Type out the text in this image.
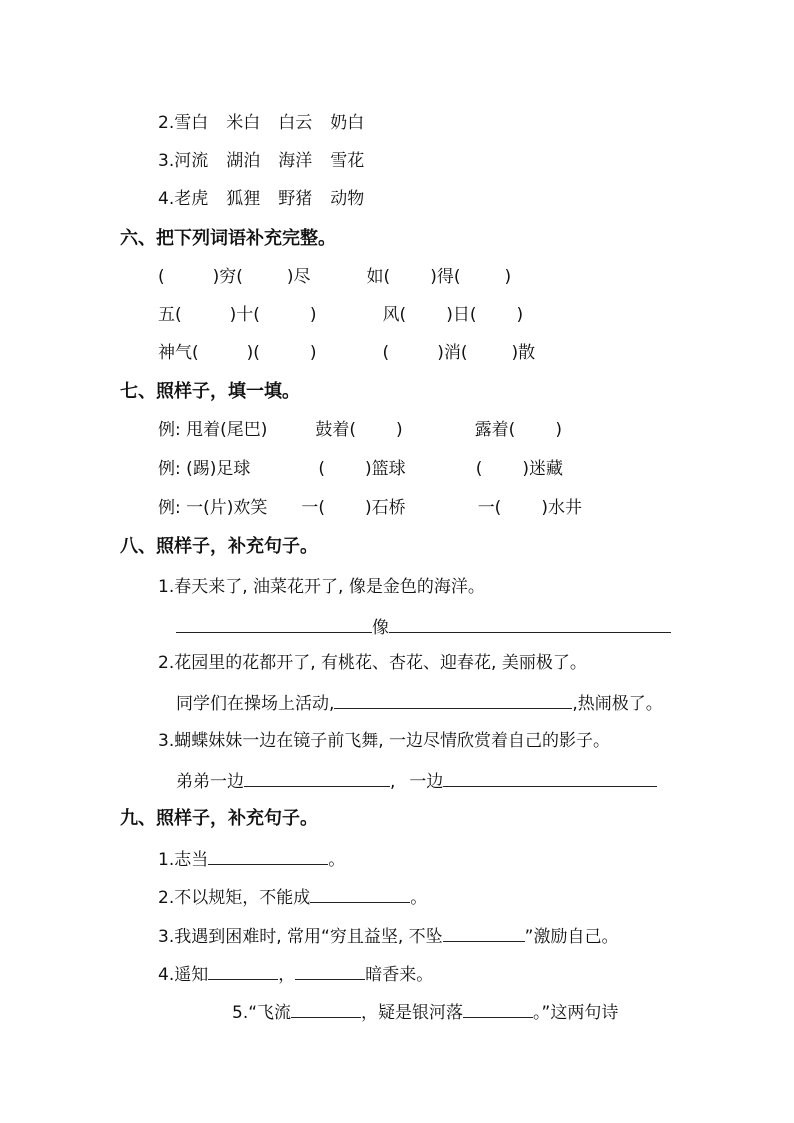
2.雪白 米白 白云 奶白
3.河流 湖泊 海洋 雪花
4.老虎 狐狸 野猪 动物
六、把下列词语补充完整。
(	)穷(	)尽	如( )得(	)
五(	)十(	)	风( )日( )
神气(	)(	)	(	)消(	)散
七、照样子，填一填。
例: 甩着(尾巴)	鼓着( )	露着( )
例: (踢)足球	( )篮球	( )迷藏
例: 一(片)欢笑 一( )石桥	一( )水井
八、照样子，补充句子。
1.春天来了, 油菜花开了, 像是金色的海洋。
像
2.花园里的花都开了, 有桃花、杏花、迎春花, 美丽极了。
同学们在操场上活动,	,热闹极了。
3.蝴蝶妹妹一边在镜子前飞舞, 一边尽情欣赏着自己的影子。
弟弟一边	, 一边
九、照样子，补充句子。
1.志当	。
2.不以规矩，不能成	。
3.我遇到困难时, 常用“穷且益坚, 不坠	”激励自己。
4.遥知	，	暗香来。
5.“飞流	，疑是银河落	。”这两句诗
